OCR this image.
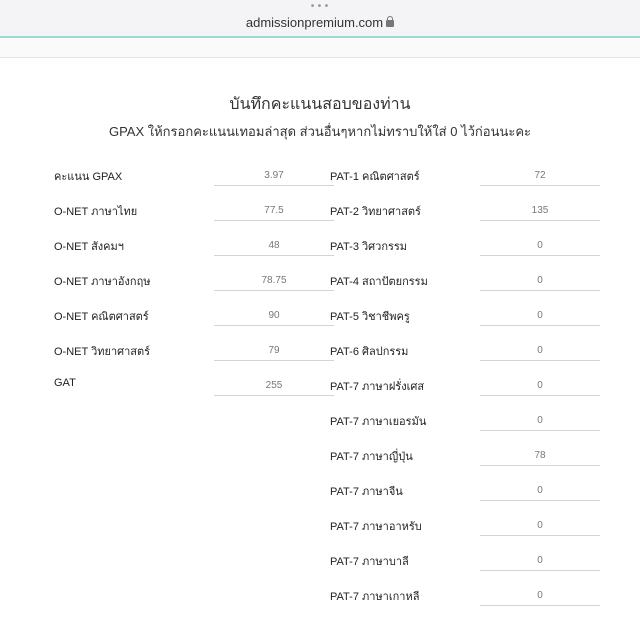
•••
admissionpremium.com
บันทึกคะแนนสอบของท่าน
GPAX ให้กรอกคะแนนเทอมล่าสุด ส่วนอื่นๆหากไม่ทราบให้ใส่ 0 ไว้ก่อนนะคะ
คะแนน GPAX
3.97
O-NET ภาษาไทย
77.5
O-NET สังคมฯ
48
O-NET ภาษาอังกฤษ
78.75
O-NET คณิตศาสตร์
90
O-NET วิทยาศาสตร์
79
GAT
255
PAT-1 คณิตศาสตร์
72
PAT-2 วิทยาศาสตร์
135
PAT-3 วิศวกรรม
0
PAT-4 สถาปัตยกรรม
0
PAT-5 วิชาชีพครู
0
PAT-6 ศิลปกรรม
0
PAT-7 ภาษาฝรั่งเศส
0
PAT-7 ภาษาเยอรมัน
0
PAT-7 ภาษาญี่ปุ่น
78
PAT-7 ภาษาจีน
0
PAT-7 ภาษาอาหรับ
0
PAT-7 ภาษาบาลี
0
PAT-7 ภาษาเกาหลี
0
